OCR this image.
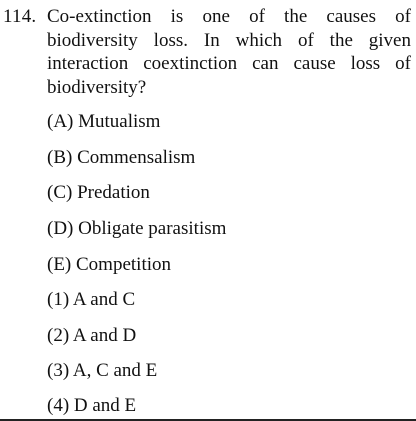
114. Co-extinction is one of the causes of
biodiversity loss. In which of the given
interaction coextinction can cause loss of
biodiversity?

(A) Mutualism
(B) Commensalism
(C) Predation
(D) Obligate parasitism
(E) Competition
(1) A and C
(2) A and D
(3) A, C and E
(4) D and E
